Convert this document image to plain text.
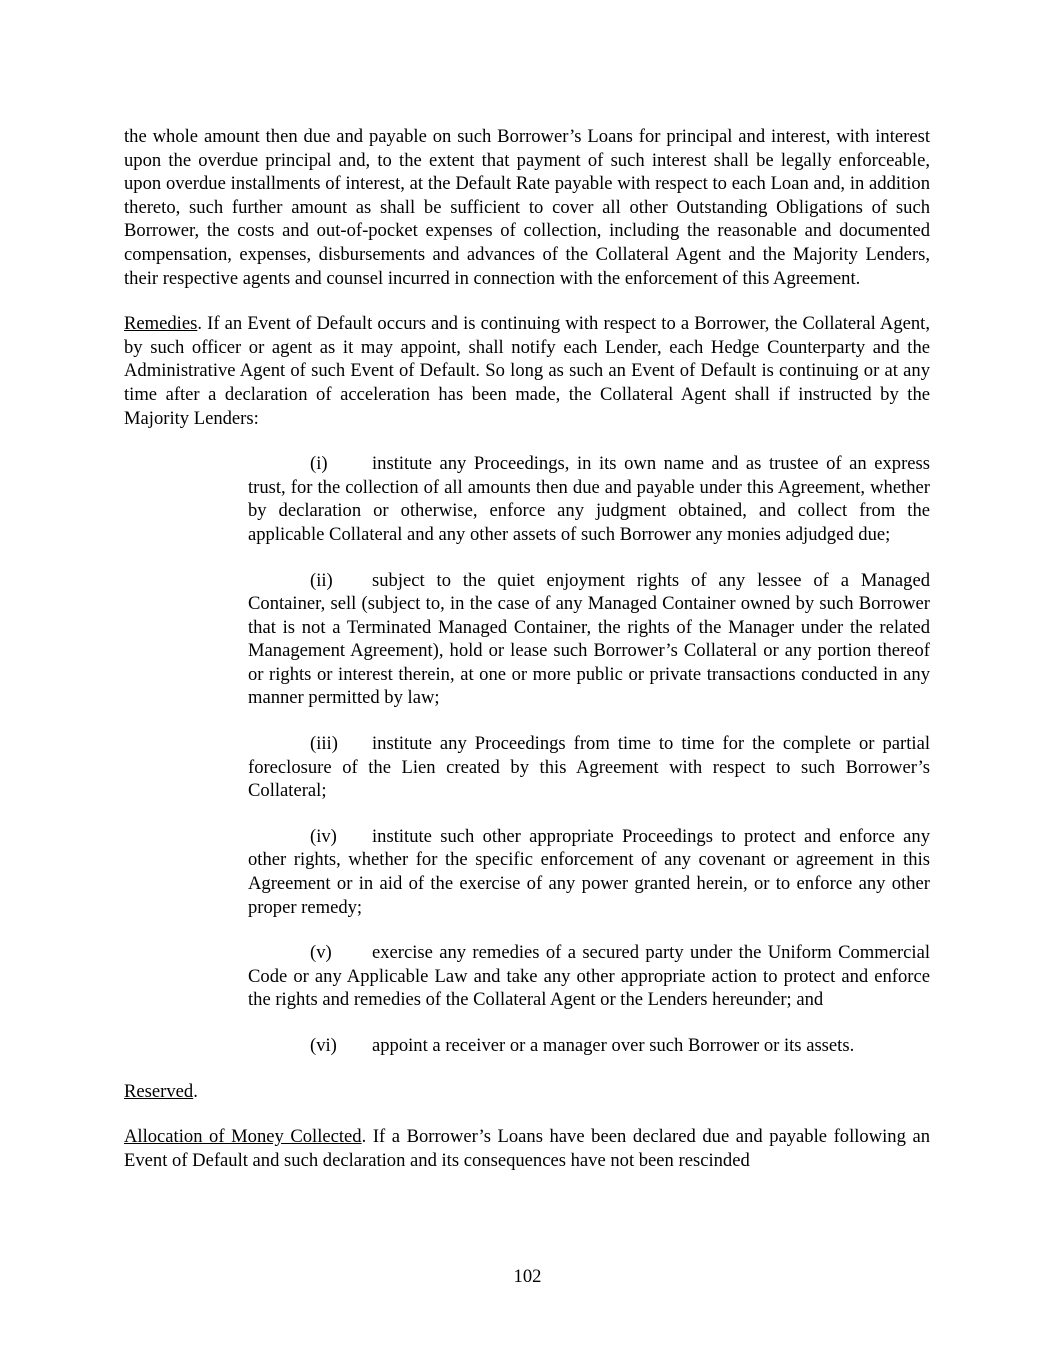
the whole amount then due and payable on such Borrower’s Loans for principal and interest, with interest upon the overdue principal and, to the extent that payment of such interest shall be legally enforceable, upon overdue installments of interest, at the Default Rate payable with respect to each Loan and, in addition thereto, such further amount as shall be sufficient to cover all other Outstanding Obligations of such Borrower, the costs and out-of-pocket expenses of collection, including the reasonable and documented compensation, expenses, disbursements and advances of the Collateral Agent and the Majority Lenders, their respective agents and counsel incurred in connection with the enforcement of this Agreement.

Remedies. If an Event of Default occurs and is continuing with respect to a Borrower, the Collateral Agent, by such officer or agent as it may appoint, shall notify each Lender, each Hedge Counterparty and the Administrative Agent of such Event of Default. So long as such an Event of Default is continuing or at any time after a declaration of acceleration has been made, the Collateral Agent shall if instructed by the Majority Lenders:

(i) institute any Proceedings, in its own name and as trustee of an express trust, for the collection of all amounts then due and payable under this Agreement, whether by declaration or otherwise, enforce any judgment obtained, and collect from the applicable Collateral and any other assets of such Borrower any monies adjudged due;

(ii) subject to the quiet enjoyment rights of any lessee of a Managed Container, sell (subject to, in the case of any Managed Container owned by such Borrower that is not a Terminated Managed Container, the rights of the Manager under the related Management Agreement), hold or lease such Borrower’s Collateral or any portion thereof or rights or interest therein, at one or more public or private transactions conducted in any manner permitted by law;

(iii) institute any Proceedings from time to time for the complete or partial foreclosure of the Lien created by this Agreement with respect to such Borrower’s Collateral;

(iv) institute such other appropriate Proceedings to protect and enforce any other rights, whether for the specific enforcement of any covenant or agreement in this Agreement or in aid of the exercise of any power granted herein, or to enforce any other proper remedy;

(v) exercise any remedies of a secured party under the Uniform Commercial Code or any Applicable Law and take any other appropriate action to protect and enforce the rights and remedies of the Collateral Agent or the Lenders hereunder; and

(vi) appoint a receiver or a manager over such Borrower or its assets.

Reserved.

Allocation of Money Collected. If a Borrower’s Loans have been declared due and payable following an Event of Default and such declaration and its consequences have not been rescinded

102
